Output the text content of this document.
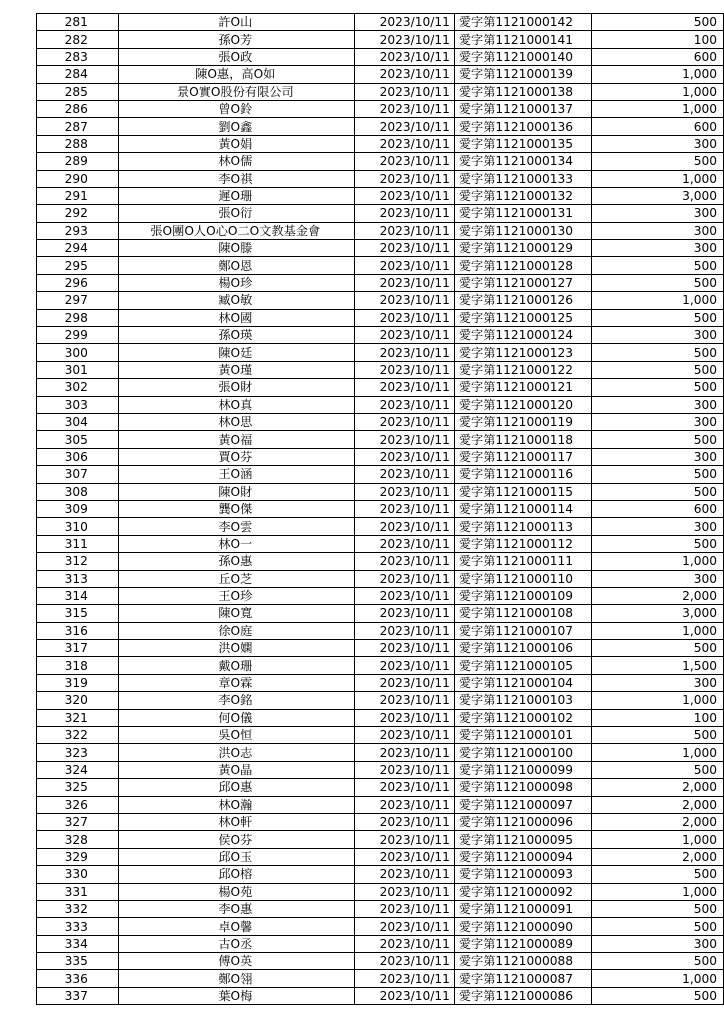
281	許O山	2023/10/11	愛字第1121000142	500
282	孫O芳	2023/10/11	愛字第1121000141	100
283	張O政	2023/10/11	愛字第1121000140	600
284	陳O惠，高O如	2023/10/11	愛字第1121000139	1,000
285	景O實O股份有限公司	2023/10/11	愛字第1121000138	1,000
286	曾O鈴	2023/10/11	愛字第1121000137	1,000
287	劉O鑫	2023/10/11	愛字第1121000136	600
288	黃O娟	2023/10/11	愛字第1121000135	300
289	林O儒	2023/10/11	愛字第1121000134	500
290	李O祺	2023/10/11	愛字第1121000133	1,000
291	遲O珊	2023/10/11	愛字第1121000132	3,000
292	張O衍	2023/10/11	愛字第1121000131	300
293	張O團O人O心O二O文教基金會	2023/10/11	愛字第1121000130	300
294	陳O滕	2023/10/11	愛字第1121000129	300
295	鄭O恩	2023/10/11	愛字第1121000128	500
296	楊O珍	2023/10/11	愛字第1121000127	500
297	臧O敏	2023/10/11	愛字第1121000126	1,000
298	林O國	2023/10/11	愛字第1121000125	500
299	孫O瑛	2023/10/11	愛字第1121000124	300
300	陳O廷	2023/10/11	愛字第1121000123	500
301	黃O瑾	2023/10/11	愛字第1121000122	500
302	張O財	2023/10/11	愛字第1121000121	500
303	林O真	2023/10/11	愛字第1121000120	300
304	林O思	2023/10/11	愛字第1121000119	300
305	黃O福	2023/10/11	愛字第1121000118	500
306	賈O芬	2023/10/11	愛字第1121000117	300
307	王O涵	2023/10/11	愛字第1121000116	500
308	陳O財	2023/10/11	愛字第1121000115	500
309	龔O傑	2023/10/11	愛字第1121000114	600
310	李O雲	2023/10/11	愛字第1121000113	300
311	林O一	2023/10/11	愛字第1121000112	500
312	孫O惠	2023/10/11	愛字第1121000111	1,000
313	丘O芝	2023/10/11	愛字第1121000110	300
314	王O珍	2023/10/11	愛字第1121000109	2,000
315	陳O寬	2023/10/11	愛字第1121000108	3,000
316	徐O庭	2023/10/11	愛字第1121000107	1,000
317	洪O嫻	2023/10/11	愛字第1121000106	500
318	戴O珊	2023/10/11	愛字第1121000105	1,500
319	章O霖	2023/10/11	愛字第1121000104	300
320	李O銘	2023/10/11	愛字第1121000103	1,000
321	何O儀	2023/10/11	愛字第1121000102	100
322	吳O恒	2023/10/11	愛字第1121000101	500
323	洪O志	2023/10/11	愛字第1121000100	1,000
324	黃O晶	2023/10/11	愛字第1121000099	500
325	邱O惠	2023/10/11	愛字第1121000098	2,000
326	林O瀚	2023/10/11	愛字第1121000097	2,000
327	林O軒	2023/10/11	愛字第1121000096	2,000
328	侯O芬	2023/10/11	愛字第1121000095	1,000
329	邱O玉	2023/10/11	愛字第1121000094	2,000
330	邱O榕	2023/10/11	愛字第1121000093	500
331	楊O苑	2023/10/11	愛字第1121000092	1,000
332	李O惠	2023/10/11	愛字第1121000091	500
333	卓O馨	2023/10/11	愛字第1121000090	500
334	古O丞	2023/10/11	愛字第1121000089	300
335	傅O英	2023/10/11	愛字第1121000088	500
336	鄭O翎	2023/10/11	愛字第1121000087	1,000
337	葉O梅	2023/10/11	愛字第1121000086	500
